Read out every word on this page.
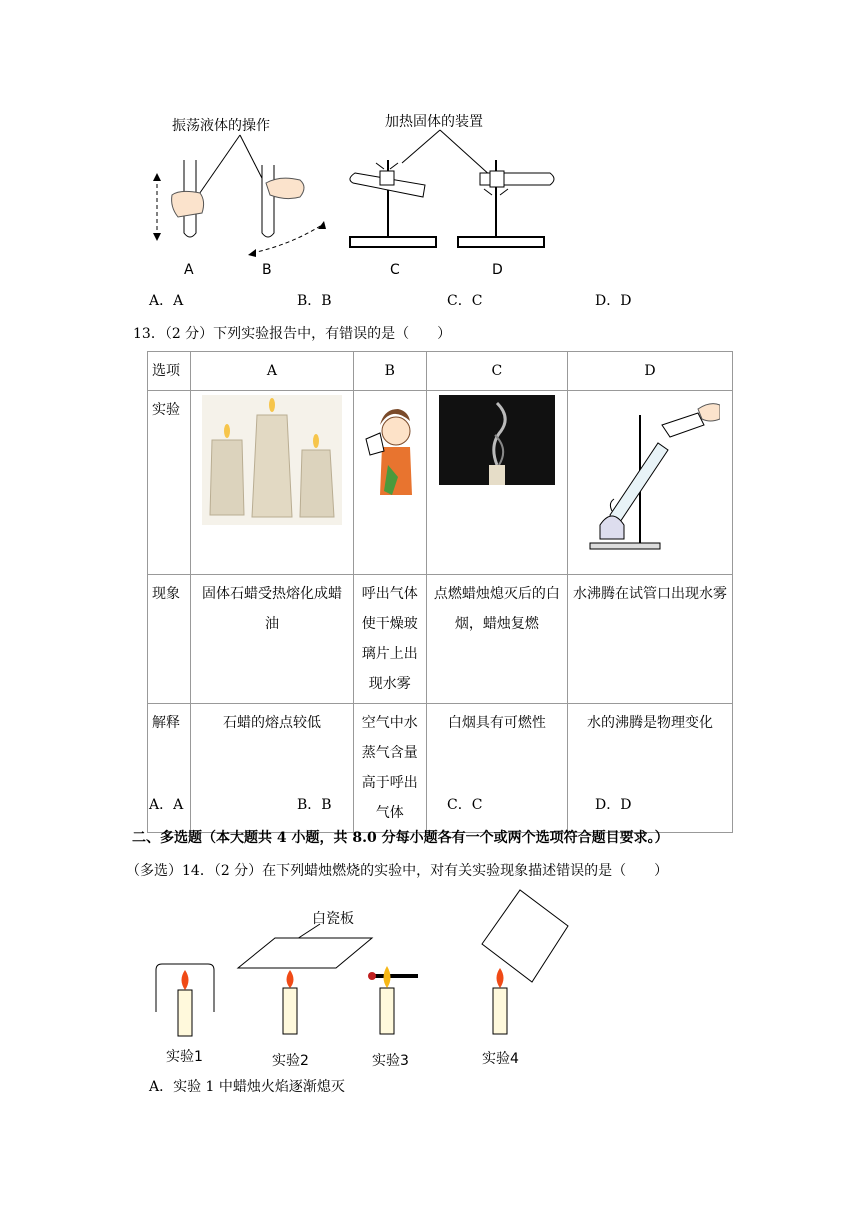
振荡液体的操作	加热固体的装置
A	B	C	D
A．A	B．B	C．C	D．D
13．（2 分）下列实验报告中，有错误的是（　　）
选项	A	B	C	D
实验				
现象	固体石蜡受热熔化成蜡油	呼出气体使干燥玻璃片上出现水雾	点燃蜡烛熄灭后的白烟，蜡烛复燃	水沸腾在试管口出现水雾
解释	石蜡的熔点较低	空气中水蒸气含量高于呼出气体	白烟具有可燃性	水的沸腾是物理变化
A．A	B．B	C．C	D．D
二、多选题（本大题共 4 小题，共 8.0 分每小题各有一个或两个选项符合题目要求。）
（多选）14．（2 分）在下列蜡烛燃烧的实验中，对有关实验现象描述错误的是（　　）
白瓷板
实验1	实验2	实验3	实验4
A．实验 1 中蜡烛火焰逐渐熄灭
